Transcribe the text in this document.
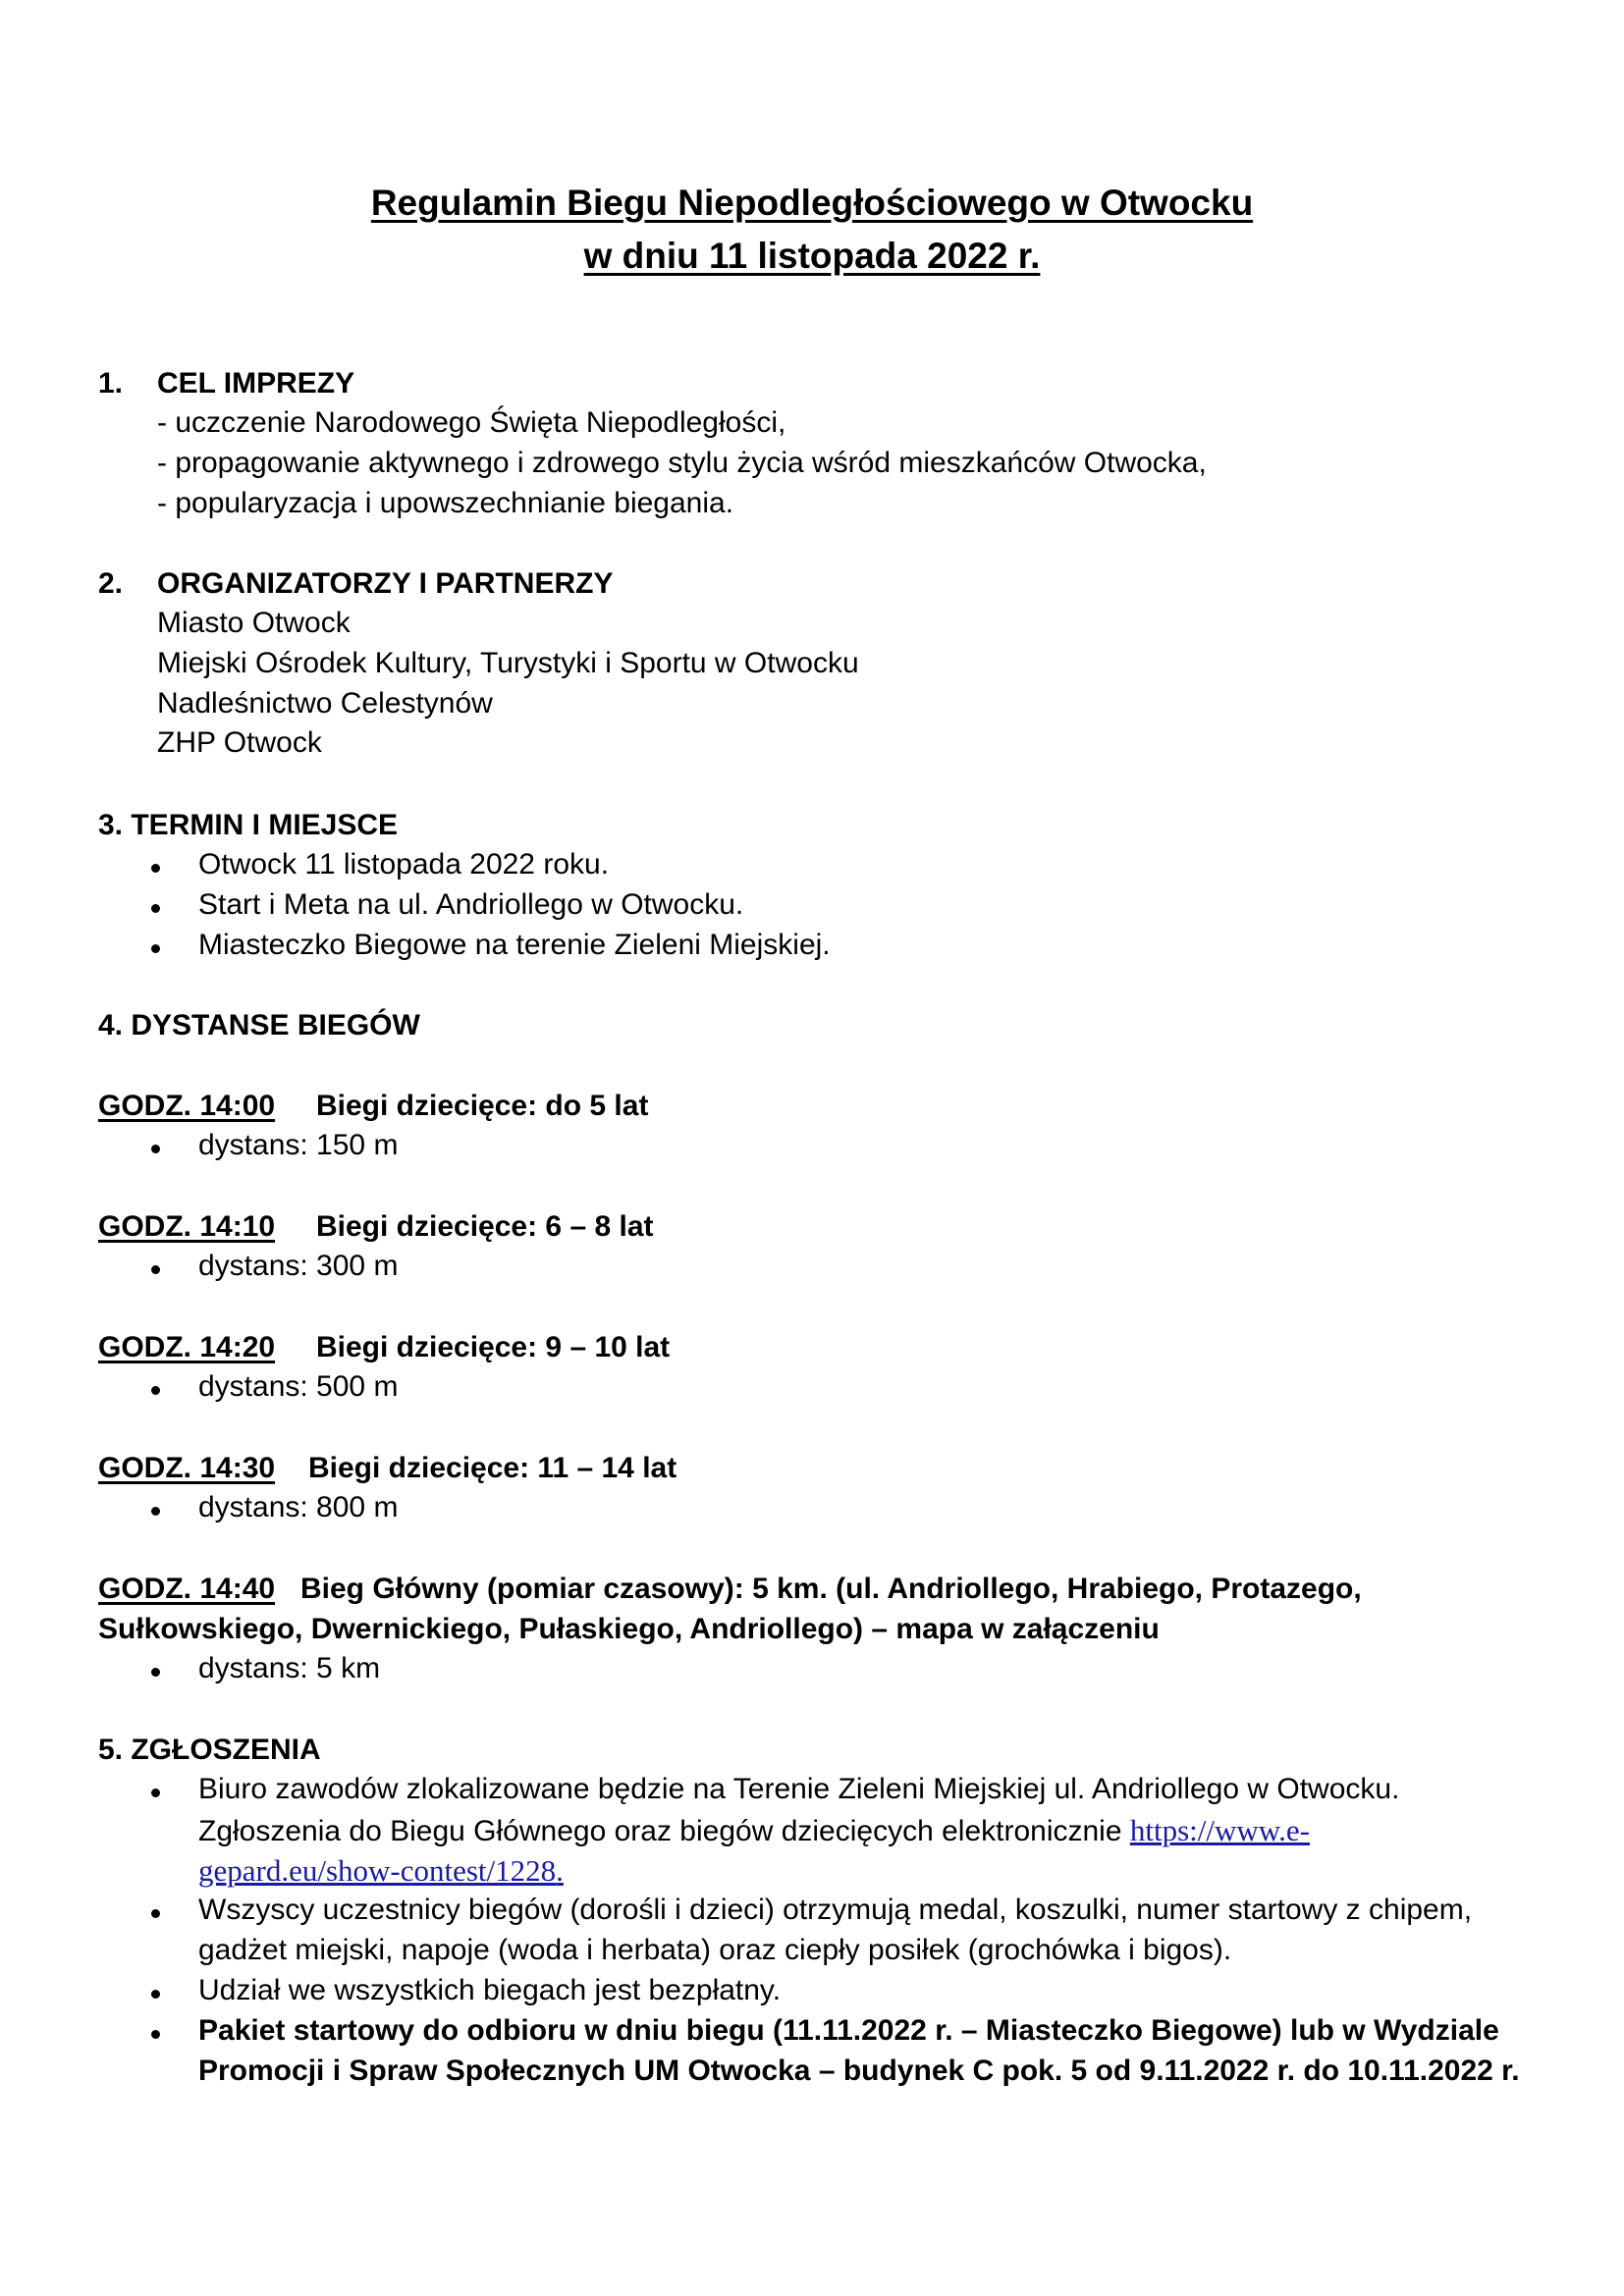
Regulamin Biegu Niepodległościowego w Otwocku
w dniu 11 listopada 2022 r.
1. CEL IMPREZY
- uczczenie Narodowego Święta Niepodległości,
- propagowanie aktywnego i zdrowego stylu życia wśród mieszkańców Otwocka,
- popularyzacja i upowszechnianie biegania.
2. ORGANIZATORZY I PARTNERZY
Miasto Otwock
Miejski Ośrodek Kultury, Turystyki i Sportu w Otwocku
Nadleśnictwo Celestynów
ZHP Otwock
3. TERMIN I MIEJSCE
Otwock 11 listopada 2022 roku.
Start i Meta na ul. Andriollego w Otwocku.
Miasteczko Biegowe na terenie Zieleni Miejskiej.
4. DYSTANSE BIEGÓW
GODZ. 14:00 Biegi dziecięce: do 5 lat
dystans: 150 m
GODZ. 14:10 Biegi dziecięce: 6 – 8 lat
dystans: 300 m
GODZ. 14:20 Biegi dziecięce: 9 – 10 lat
dystans: 500 m
GODZ. 14:30 Biegi dziecięce: 11 – 14 lat
dystans: 800 m
GODZ. 14:40 Bieg Główny (pomiar czasowy): 5 km. (ul. Andriollego, Hrabiego, Protazego,
Sułkowskiego, Dwernickiego, Pułaskiego, Andriollego) – mapa w załączeniu
dystans: 5 km
5. ZGŁOSZENIA
Biuro zawodów zlokalizowane będzie na Terenie Zieleni Miejskiej ul. Andriollego w Otwocku.
Zgłoszenia do Biegu Głównego oraz biegów dziecięcych elektronicznie https://www.e-
gepard.eu/show-contest/1228.
Wszyscy uczestnicy biegów (dorośli i dzieci) otrzymują medal, koszulki, numer startowy z chipem,
gadżet miejski, napoje (woda i herbata) oraz ciepły posiłek (grochówka i bigos).
Udział we wszystkich biegach jest bezpłatny.
Pakiet startowy do odbioru w dniu biegu (11.11.2022 r. – Miasteczko Biegowe) lub w Wydziale
Promocji i Spraw Społecznych UM Otwocka – budynek C pok. 5 od 9.11.2022 r. do 10.11.2022 r.
